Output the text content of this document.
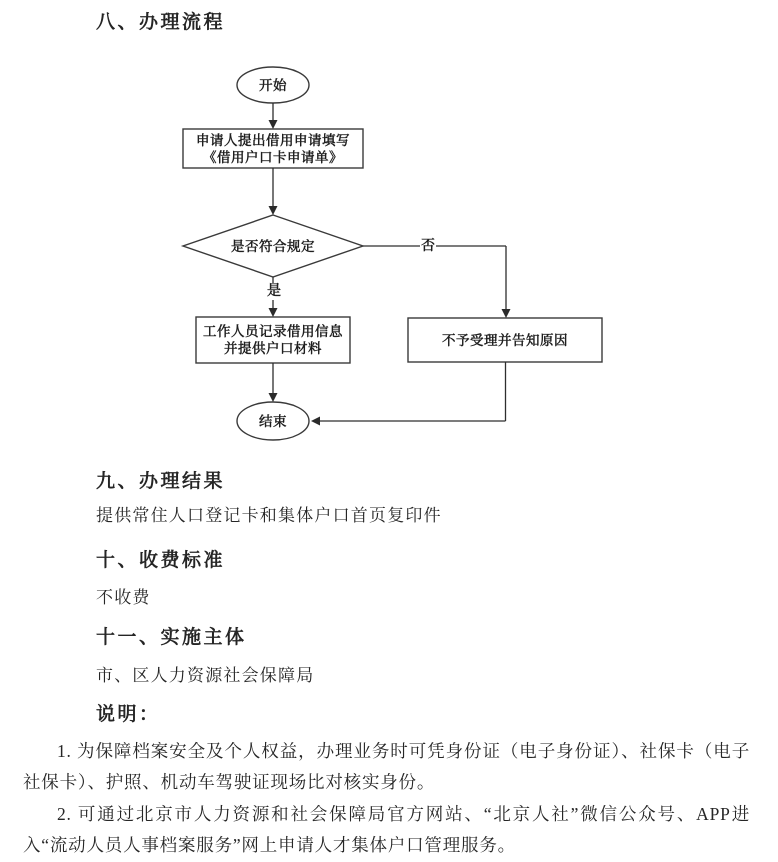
八、办理流程
开始
申请人提出借用申请填写
《借用户口卡申请单》
是否符合规定
是
否
工作人员记录借用信息
并提供户口材料
不予受理并告知原因
结束
九、办理结果

提供常住人口登记卡和集体户口首页复印件

十、收费标准

不收费

十一、实施主体

市、区人力资源社会保障局

说明：

1. 为保障档案安全及个人权益，办理业务时可凭身份证（电子身份证）、社保卡（电子社保卡）、护照、机动车驾驶证现场比对核实身份。

2. 可通过北京市人力资源和社会保障局官方网站、“北京人社”微信公众号、APP进入“流动人员人事档案服务”网上申请人才集体户口管理服务。
